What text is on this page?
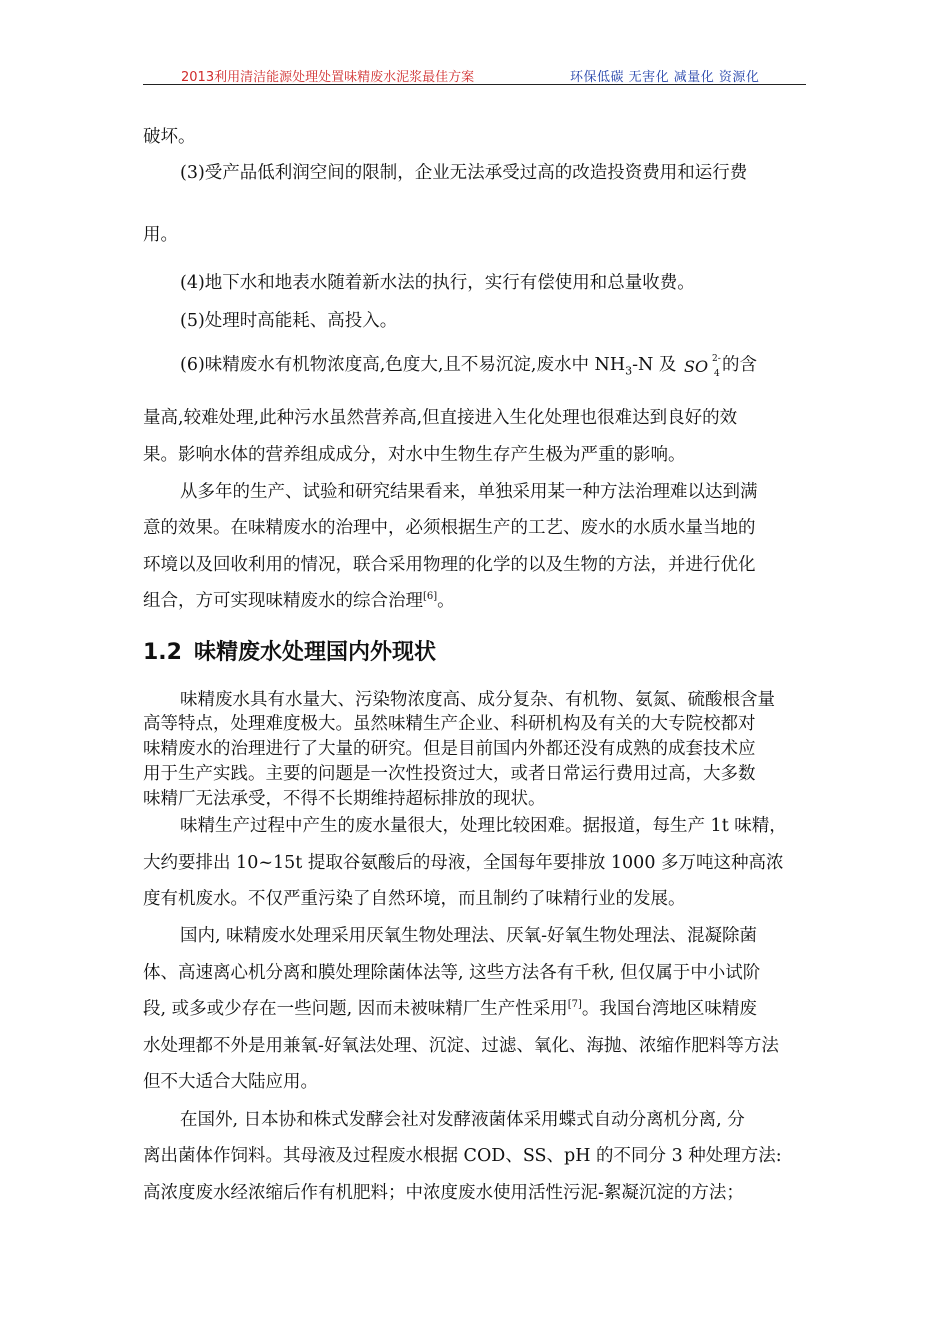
2013利用清洁能源处理处置味精废水泥浆最佳方案	环保低碳 无害化 减量化 资源化
破坏。
(3)受产品低利润空间的限制，企业无法承受过高的改造投资费用和运行费
用。
(4)地下水和地表水随着新水法的执行，实行有偿使用和总量收费。
(5)处理时高能耗、高投入。
(6)味精废水有机物浓度高,色度大,且不易沉淀,废水中 $NH_3-N$ 及 SO 2-
4 的含
量高,较难处理,此种污水虽然营养高,但直接进入生化处理也很难达到良好的效
果。影响水体的营养组成成分，对水中生物生存产生极为严重的影响。
从多年的生产、试验和研究结果看来，单独采用某一种方法治理难以达到满
意的效果。在味精废水的治理中，必须根据生产的工艺、废水的水质水量当地的
环境以及回收利用的情况，联合采用物理的化学的以及生物的方法，并进行优化
组合，方可实现味精废水的综合治理[6]。
1.2 味精废水处理国内外现状
味精废水具有水量大、污染物浓度高、成分复杂、有机物、氨氮、硫酸根含量
高等特点，处理难度极大。虽然味精生产企业、科研机构及有关的大专院校都对
味精废水的治理进行了大量的研究。但是目前国内外都还没有成熟的成套技术应
用于生产实践。主要的问题是一次性投资过大，或者日常运行费用过高，大多数
味精厂无法承受，不得不长期维持超标排放的现状。
味精生产过程中产生的废水量很大，处理比较困难。据报道，每生产 1t 味精，
大约要排出 10~15t 提取谷氨酸后的母液，全国每年要排放 1000 多万吨这种高浓
度有机废水。不仅严重污染了自然环境，而且制约了味精行业的发展。
国内, 味精废水处理采用厌氧生物处理法、厌氧-好氧生物处理法、混凝除菌
体、高速离心机分离和膜处理除菌体法等, 这些方法各有千秋, 但仅属于中小试阶
段, 或多或少存在一些问题, 因而未被味精厂生产性采用[7]。我国台湾地区味精废
水处理都不外是用兼氧-好氧法处理、沉淀、过滤、氧化、海抛、浓缩作肥料等方法
但不大适合大陆应用。
在国外, 日本协和株式发酵会社对发酵液菌体采用蝶式自动分离机分离, 分
离出菌体作饲料。其母液及过程废水根据 COD、SS、pH 的不同分 3 种处理方法:
高浓度废水经浓缩后作有机肥料；中浓度废水使用活性污泥-絮凝沉淀的方法；
